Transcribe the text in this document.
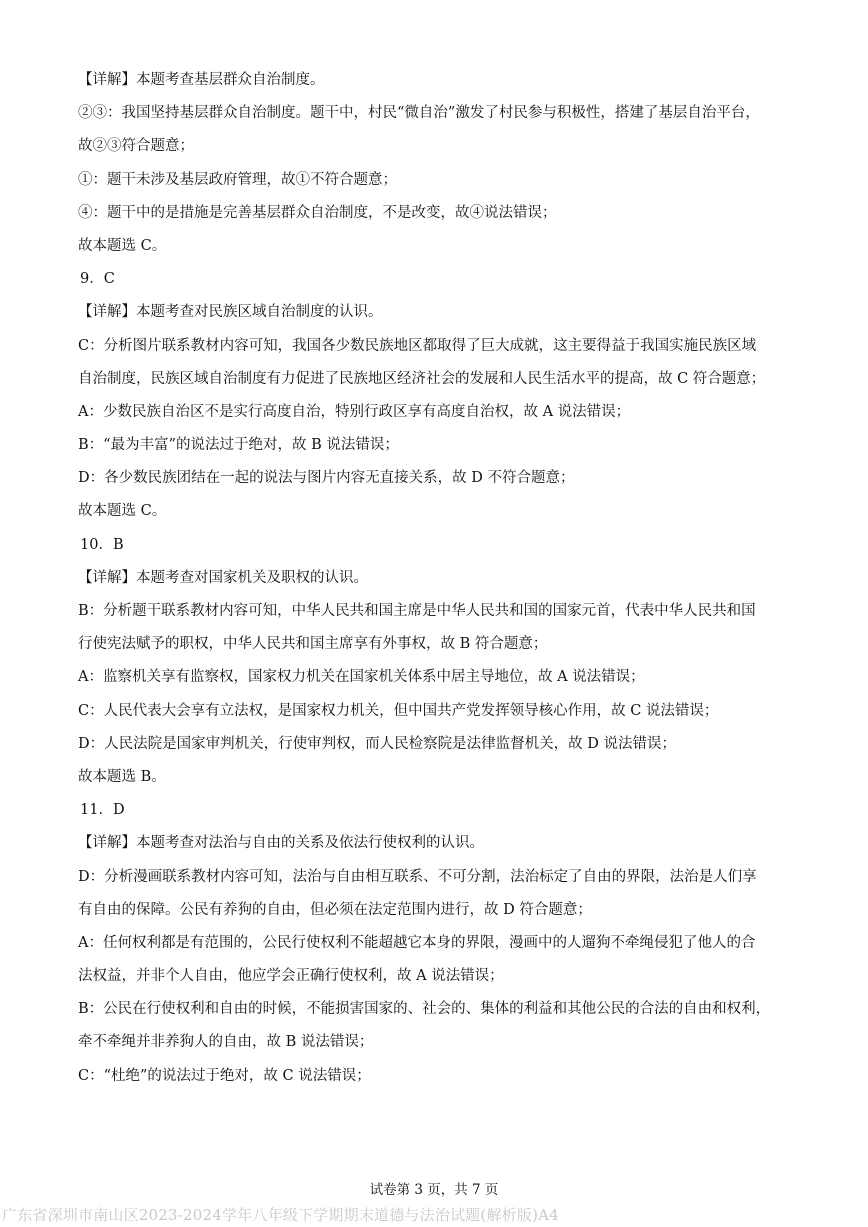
【详解】本题考查基层群众自治制度。
②③：我国坚持基层群众自治制度。题干中，村民“微自治”激发了村民参与积极性，搭建了基层自治平台，
故②③符合题意；
①：题干未涉及基层政府管理，故①不符合题意；
④：题干中的是措施是完善基层群众自治制度，不是改变，故④说法错误；
故本题选 C。
9．C
【详解】本题考查对民族区域自治制度的认识。
C：分析图片联系教材内容可知，我国各少数民族地区都取得了巨大成就，这主要得益于我国实施民族区域
自治制度，民族区域自治制度有力促进了民族地区经济社会的发展和人民生活水平的提高，故 C 符合题意；
A：少数民族自治区不是实行高度自治，特别行政区享有高度自治权，故 A 说法错误；
B：“最为丰富”的说法过于绝对，故 B 说法错误；
D：各少数民族团结在一起的说法与图片内容无直接关系，故 D 不符合题意；
故本题选 C。
10．B
【详解】本题考查对国家机关及职权的认识。
B：分析题干联系教材内容可知，中华人民共和国主席是中华人民共和国的国家元首，代表中华人民共和国
行使宪法赋予的职权，中华人民共和国主席享有外事权，故 B 符合题意；
A：监察机关享有监察权，国家权力机关在国家机关体系中居主导地位，故 A 说法错误；
C：人民代表大会享有立法权，是国家权力机关，但中国共产党发挥领导核心作用，故 C 说法错误；
D：人民法院是国家审判机关，行使审判权，而人民检察院是法律监督机关，故 D 说法错误；
故本题选 B。
11．D
【详解】本题考查对法治与自由的关系及依法行使权利的认识。
D：分析漫画联系教材内容可知，法治与自由相互联系、不可分割，法治标定了自由的界限，法治是人们享
有自由的保障。公民有养狗的自由，但必须在法定范围内进行，故 D 符合题意；
A：任何权利都是有范围的，公民行使权利不能超越它本身的界限，漫画中的人遛狗不牵绳侵犯了他人的合
法权益，并非个人自由，他应学会正确行使权利，故 A 说法错误；
B：公民在行使权利和自由的时候，不能损害国家的、社会的、集体的利益和其他公民的合法的自由和权利，
牵不牵绳并非养狗人的自由，故 B 说法错误；
C：“杜绝”的说法过于绝对，故 C 说法错误；
试卷第 3 页，共 7 页
广东省深圳市南山区2023-2024学年八年级下学期期末道德与法治试题(解析版)A4
